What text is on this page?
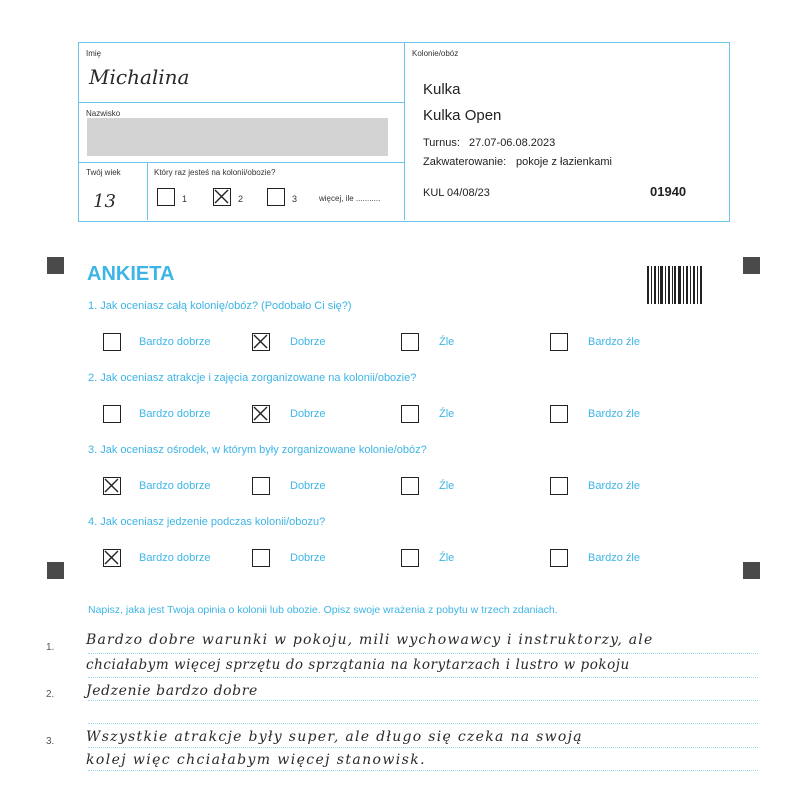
Imię
Michalina
Nazwisko
Twój wiek
13
Który raz jesteś na kolonii/obozie?
1	2	3	więcej, ile ...........
Kolonie/obóz
Kulka
Kulka Open
Turnus: 27.07-06.08.2023
Zakwaterowanie: pokoje z łazienkami
KUL 04/08/23	01940
ANKIETA
1. Jak oceniasz całą kolonię/obóz? (Podobało Ci się?)
Bardzo dobrze	Dobrze	Źle	Bardzo źle
2. Jak oceniasz atrakcje i zajęcia zorganizowane na kolonii/obozie?
Bardzo dobrze	Dobrze	Źle	Bardzo źle
3. Jak oceniasz ośrodek, w którym były zorganizowane kolonie/obóz?
Bardzo dobrze	Dobrze	Źle	Bardzo źle
4. Jak oceniasz jedzenie podczas kolonii/obozu?
Bardzo dobrze	Dobrze	Źle	Bardzo źle
Napisz, jaka jest Twoja opinia o kolonii lub obozie. Opisz swoje wrażenia z pobytu w trzech zdaniach.
1.
2.
3.
Bardzo dobre warunki w pokoju, mili wychowawcy i instruktorzy, ale
chciałabym więcej sprzętu do sprzątania na korytarzach i lustro w pokoju
Jedzenie bardzo dobre
Wszystkie atrakcje były super, ale długo się czeka na swoją
kolej więc chciałabym więcej stanowisk.
